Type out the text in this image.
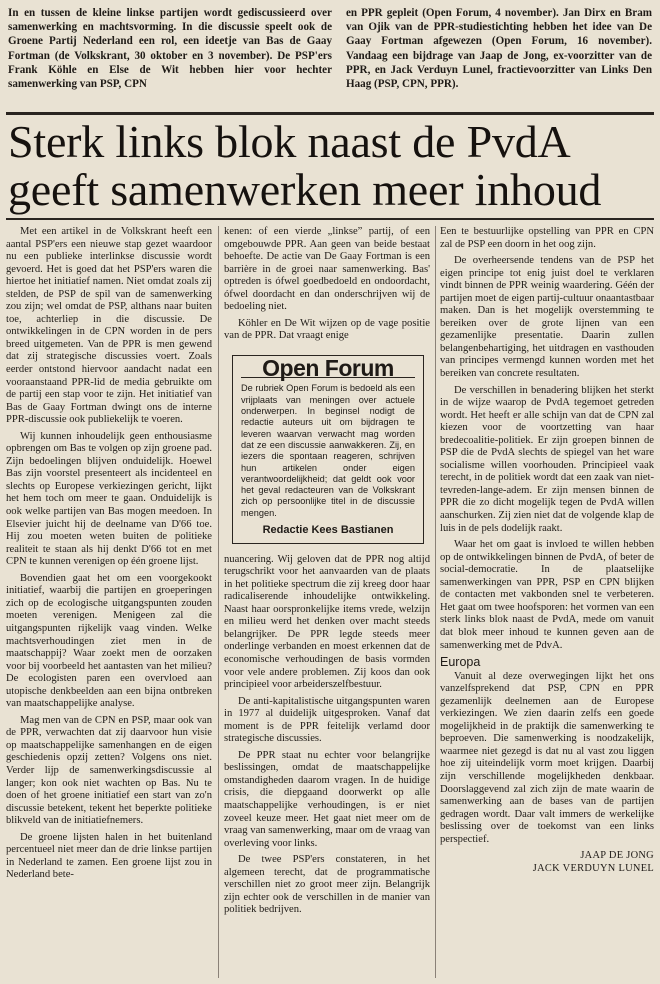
In en tussen de kleine linkse partijen wordt gediscussieerd over samenwerking en machtsvorming. In die discussie speelt ook de Groene Partij Nederland een rol, een ideetje van Bas de Gaay Fortman (de Volkskrant, 30 oktober en 3 november). De PSP'ers Frank Köhle en Else de Wit hebben hier voor hechter samenwerking van PSP, CPN
en PPR gepleit (Open Forum, 4 november). Jan Dirx en Bram van Ojik van de PPR-studiestichting hebben het idee van De Gaay Fortman afgewezen (Open Forum, 16 november). Vandaag een bijdrage van Jaap de Jong, ex-voorzitter van de PPR, en Jack Verduyn Lunel, fractievoorzitter van Links Den Haag (PSP, CPN, PPR).
Sterk links blok naast de PvdA geeft samenwerken meer inhoud

Met een artikel in de Volkskrant heeft een aantal PSP'ers een nieuwe stap gezet waardoor nu een publieke interlinkse discussie wordt gevoerd. Het is goed dat het PSP'ers waren die hiertoe het initiatief namen. Niet omdat zoals zij stelden, de PSP de spil van de samenwerking zou zijn; wel omdat de PSP, althans naar buiten toe, achterliep in die discussie. De ontwikkelingen in de CPN worden in de pers breed uitgemeten. Van de PPR is men gewend dat zij strategische discussies voert. Zoals eerder ontstond hiervoor aandacht nadat een vooraanstaand PPR-lid de media gebruikte om de partij een stap voor te zijn. Het initiatief van Bas de Gaay Fortman dwingt ons de interne PPR-discussie ook publiekelijk te voeren.

Wij kunnen inhoudelijk geen enthousiasme opbrengen om Bas te volgen op zijn groene pad. Zijn bedoelingen blijven onduidelijk. Hoewel Bas zijn voorstel presenteert als incidenteel en slechts op Europese verkiezingen gericht, lijkt het hem toch om meer te gaan. Onduidelijk is ook welke partijen van Bas mogen meedoen. In Elsevier juicht hij de deelname van D'66 toe. Hij zou moeten weten buiten de politieke realiteit te staan als hij denkt D'66 tot en met CPN te kunnen verenigen op één groene lijst.

Bovendien gaat het om een voorgekookt initiatief, waarbij die partijen en groeperingen zich op de ecologische uitgangspunten zouden moeten verenigen. Menigeen zal die uitgangspunten rijkelijk vaag vinden. Welke machtsverhoudingen ziet men in de maatschappij? Waar zoekt men de oorzaken voor bij voorbeeld het aantasten van het milieu? De ecologisten paren een overvloed aan utopische denkbeelden aan een bijna ontbreken van maatschappelijke analyse.

Mag men van de CPN en PSP, maar ook van de PPR, verwachten dat zij daarvoor hun visie op maatschappelijke samenhangen en de eigen geschiedenis opzij zetten? Volgens ons niet. Verder lijp de samenwerkingsdiscussie al langer; kon ook niet wachten op Bas. Nu te doen of het groene initiatief een start van zo'n discussie betekent, tekent het beperkte politieke blikveld van de initiatiefnemers.

De groene lijsten halen in het buitenland percentueel niet meer dan de drie linkse partijen in Nederland te zamen. Een groene lijst zou in Nederland bete-

kenen: of een vierde „linkse” partij, of een omgebouwde PPR. Aan geen van beide bestaat behoefte. De actie van De Gaay Fortman is een barrière in de groei naar samenwerking. Bas' optreden is ófwel goedbedoeld en ondoordacht, ófwel doordacht en dan onderschrijven wij de bedoeling niet.

Köhler en De Wit wijzen op de vage positie van de PPR. Dat vraagt enige

Open Forum
De rubriek Open Forum is bedoeld als een vrijplaats van meningen over actuele onderwerpen. In beginsel nodigt de redactie auteurs uit om bijdragen te leveren waarvan verwacht mag worden dat ze een discussie aanwakkeren. Zij, en iezers die spontaan reageren, schrijven hun artikelen onder eigen verantwoordelijkheid; dat geldt ook voor het geval redacteuren van de Volkskrant zich op persoonlijke titel in de discussie mengen.
Redactie Kees Bastianen

nuancering. Wij geloven dat de PPR nog altijd terugschrikt voor het aanvaarden van de plaats in het politieke spectrum die zij kreeg door haar radicaliserende inhoudelijke ontwikkeling. Naast haar oorspronkelijke items vrede, welzijn en milieu werd het denken over macht steeds belangrijker. De PPR legde steeds meer onderlinge verbanden en moest erkennen dat de economische verhoudingen de basis vormden voor vele andere problemen. Zij koos dan ook principieel voor arbeiderszelfbestuur.

De anti-kapitalistische uitgangspunten waren in 1977 al duidelijk uitgesproken. Vanaf dat moment is de PPR feitelijk verlamd door strategische discussies.

De PPR staat nu echter voor belangrijke beslissingen, omdat de maatschappelijke omstandigheden daarom vragen. In de huidige crisis, die diepgaand doorwerkt op alle maatschappelijke verhoudingen, is er niet zoveel keuze meer. Het gaat niet meer om de vraag van samenwerking, maar om de vraag van overleving voor links.

De twee PSP'ers constateren, in het algemeen terecht, dat de programmatische verschillen niet zo groot meer zijn. Belangrijk zijn echter ook de verschillen in de manier van politiek bedrijven.

Een te bestuurlijke opstelling van PPR en CPN zal de PSP een doorn in het oog zijn.

De overheersende tendens van de PSP het eigen principe tot enig juist doel te verklaren vindt binnen de PPR weinig waardering. Géén der partijen moet de eigen partij-cultuur onaantastbaar maken. Dan is het mogelijk overstemming te bereiken over de grote lijnen van een gezamenlijke presentatie. Daarin zullen belangenbehartiging, het uitdragen en vasthouden van principes vermengd kunnen worden met het bereiken van concrete resultaten.

De verschillen in benadering blijken het sterkt in de wijze waarop de PvdA tegemoet getreden wordt. Het heeft er alle schijn van dat de CPN zal kiezen voor de voortzetting van haar bredecoalitie-politiek. Er zijn groepen binnen de PSP die de PvdA slechts de spiegel van het ware socialisme willen voorhouden. Principieel vaak terecht, in de politiek wordt dat een zaak van niet-tevreden-lange-adem. Er zijn mensen binnen de PPR die zo dicht mogelijk tegen de PvdA willen aanschurken. Zij zien niet dat de volgende klap de luis in de pels dodelijk raakt.

Waar het om gaat is invloed te willen hebben op de ontwikkelingen binnen de PvdA, of beter de social-democratie. In de plaatselijke samenwerkingen van PPR, PSP en CPN blijken de contacten met vakbonden snel te verbeteren. Het gaat om twee hoofsporen: het vormen van een sterk links blok naast de PvdA, mede om vanuit dat blok meer inhoud te kunnen geven aan de samenwerking met de PdvA.

Europa

Vanuit al deze overwegingen lijkt het ons vanzelfsprekend dat PSP, CPN en PPR gezamenlijk deelnemen aan de Europese verkiezingen. We zien daarin zelfs een goede mogelijkheid in de praktijk die samenwerking te beproeven. Die samenwerking is noodzakelijk, waarmee niet gezegd is dat nu al vast zou liggen hoe zij uiteindelijk vorm moet krijgen. Daarbij zijn verschillende mogelijkheden denkbaar. Doorslaggevend zal zich zijn de mate waarin de samenwerking aan de bases van de partijen gedragen wordt. Daar valt immers de werkelijke beslissing over de toekomst van een links perspectief.

JAAP DE JONG
JACK VERDUYN LUNEL
